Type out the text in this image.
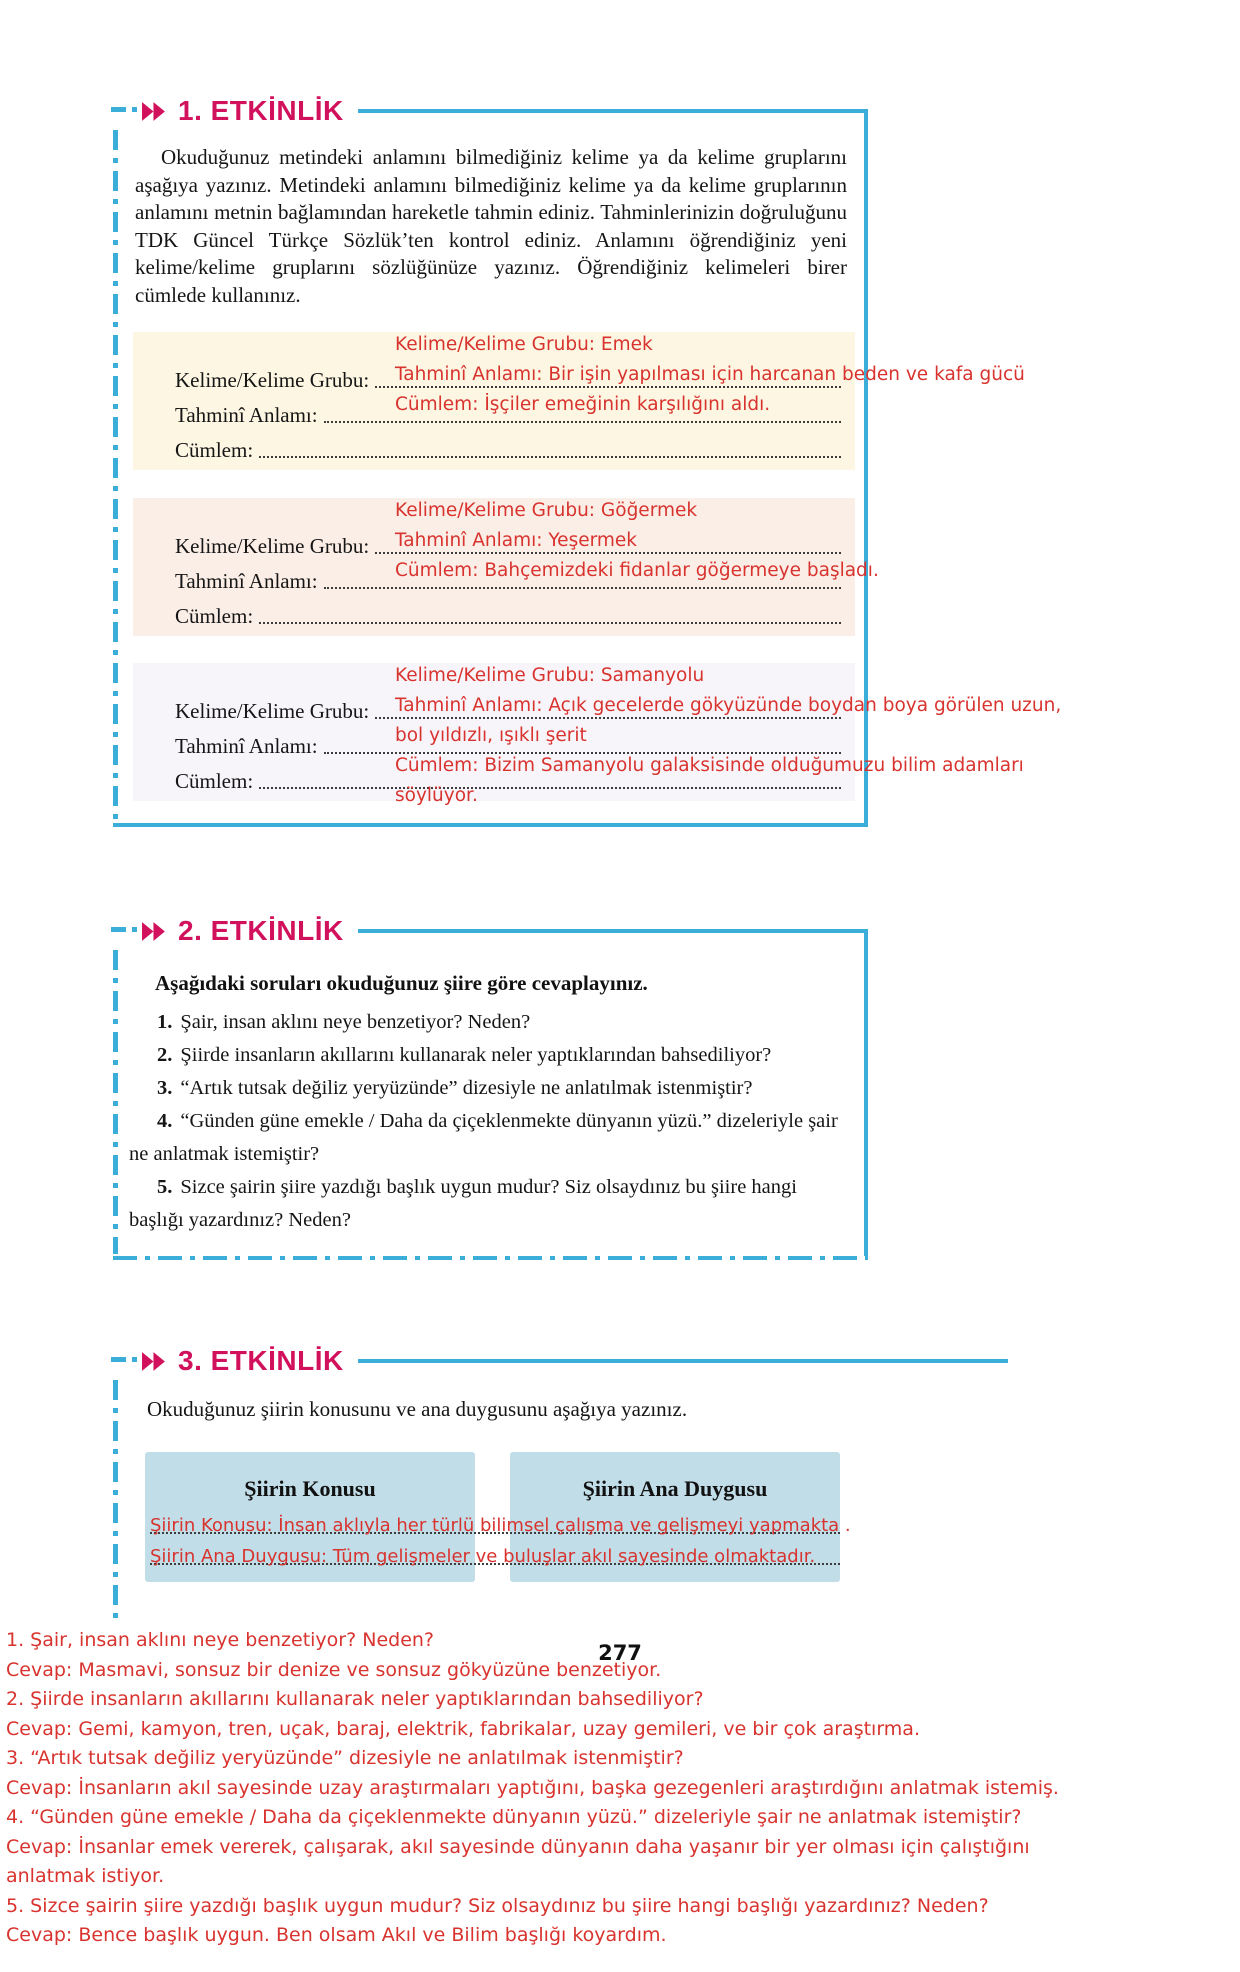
1. ETKİNLİK

Okuduğunuz metindeki anlamını bilmediğiniz kelime ya da kelime gruplarını aşağıya yazınız. Metindeki anlamını bilmediğiniz kelime ya da kelime gruplarının anlamını metnin bağlamından hareketle tahmin ediniz. Tahminlerinizin doğruluğunu TDK Güncel Türkçe Sözlük’ten kontrol ediniz. Anlamını öğrendiğiniz yeni kelime/kelime gruplarını sözlüğünüze yazınız. Öğrendiğiniz kelimeleri birer cümlede kullanınız.

Kelime/Kelime Grubu:
Tahminî Anlamı:
Cümlem:
Kelime/Kelime Grubu: Emek
Tahminî Anlamı: Bir işin yapılması için harcanan beden ve kafa gücü
Cümlem: İşçiler emeğinin karşılığını aldı.
Kelime/Kelime Grubu:
Tahminî Anlamı:
Cümlem:
Kelime/Kelime Grubu: Göğermek
Tahminî Anlamı: Yeşermek
Cümlem: Bahçemizdeki fidanlar göğermeye başladı.
Kelime/Kelime Grubu:
Tahminî Anlamı:
Cümlem:
Kelime/Kelime Grubu: Samanyolu
Tahminî Anlamı: Açık gecelerde gökyüzünde boydan boya görülen uzun, bol yıldızlı, ışıklı şerit
Cümlem: Bizim Samanyolu galaksisinde olduğumuzu bilim adamları söylüyor.
2. ETKİNLİK

Aşağıdaki soruları okuduğunuz şiire göre cevaplayınız.

1. Şair, insan aklını neye benzetiyor? Neden?

2. Şiirde insanların akıllarını kullanarak neler yaptıklarından bahsediliyor?

3. “Artık tutsak değiliz yeryüzünde” dizesiyle ne anlatılmak istenmiştir?

4. “Günden güne emekle / Daha da çiçeklenmekte dünyanın yüzü.” dizeleriyle şair ne anlatmak istemiştir?

5. Sizce şairin şiire yazdığı başlık uygun mudur? Siz olsaydınız bu şiire hangi başlığı yazardınız? Neden?

3. ETKİNLİK

Okuduğunuz şiirin konusunu ve ana duygusunu aşağıya yazınız.

Şiirin Konusu	Şiirin Ana Duygusu
Şiirin Konusu: İnsan aklıyla her türlü bilimsel çalışma ve gelişmeyi yapmakta .
Şiirin Ana Duygusu: Tüm gelişmeler ve buluşlar akıl sayesinde olmaktadır.
277
1. Şair, insan aklını neye benzetiyor? Neden?
Cevap: Masmavi, sonsuz bir denize ve sonsuz gökyüzüne benzetiyor.
2. Şiirde insanların akıllarını kullanarak neler yaptıklarından bahsediliyor?
Cevap: Gemi, kamyon, tren, uçak, baraj, elektrik, fabrikalar, uzay gemileri, ve bir çok araştırma.
3. “Artık tutsak değiliz yeryüzünde” dizesiyle ne anlatılmak istenmiştir?
Cevap: İnsanların akıl sayesinde uzay araştırmaları yaptığını, başka gezegenleri araştırdığını anlatmak istemiş.
4. “Günden güne emekle / Daha da çiçeklenmekte dünyanın yüzü.” dizeleriyle şair ne anlatmak istemiştir?
Cevap: İnsanlar emek vererek, çalışarak, akıl sayesinde dünyanın daha yaşanır bir yer olması için çalıştığını anlatmak istiyor.
5. Sizce şairin şiire yazdığı başlık uygun mudur? Siz olsaydınız bu şiire hangi başlığı yazardınız? Neden?
Cevap: Bence başlık uygun. Ben olsam Akıl ve Bilim başlığı koyardım.
